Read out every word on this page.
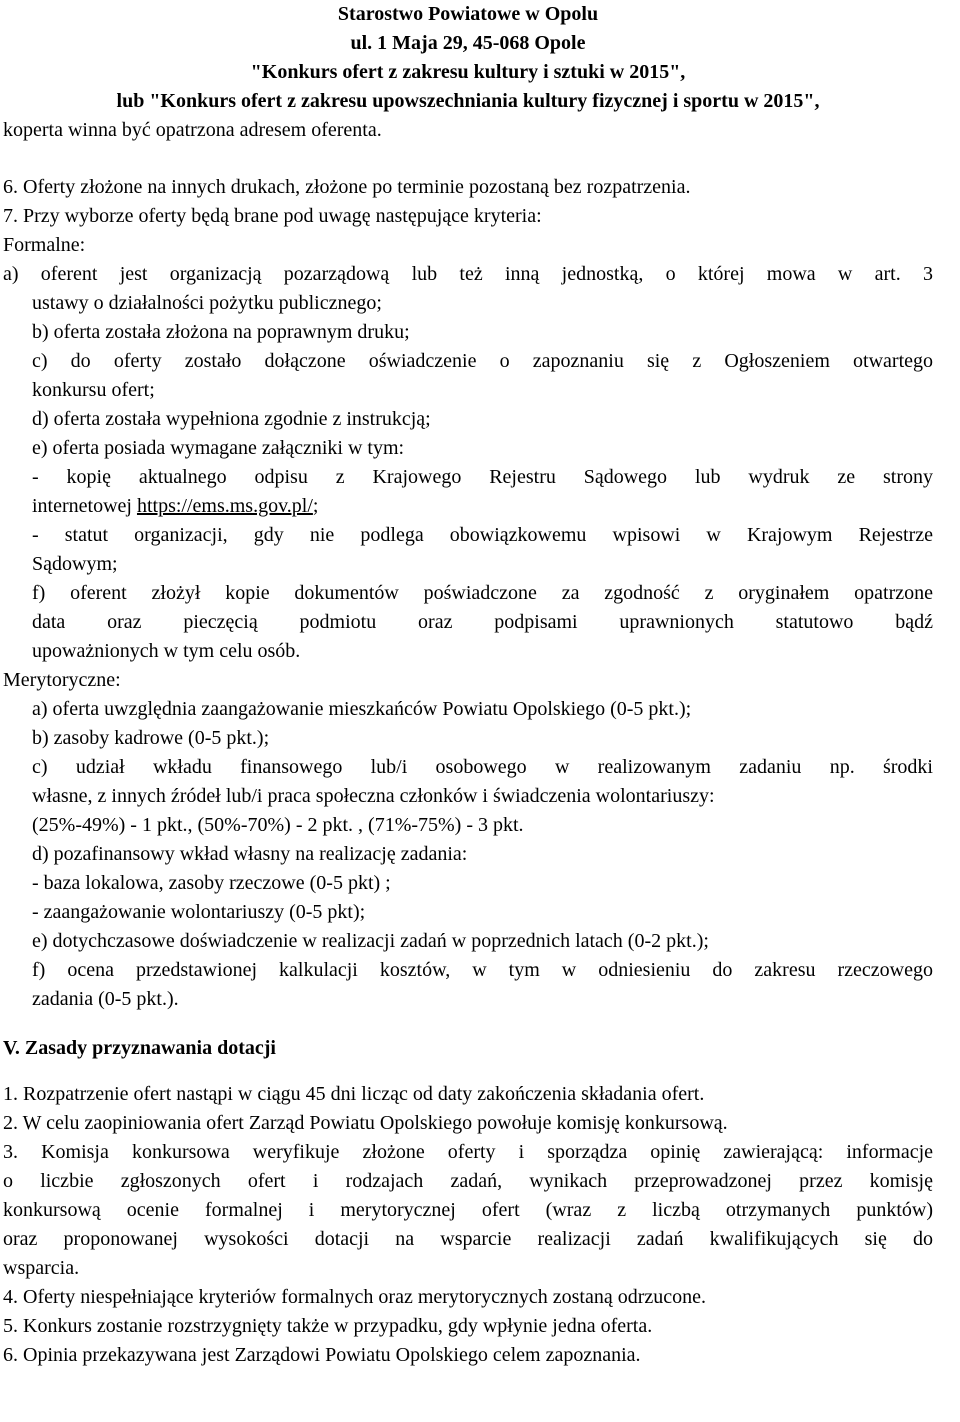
Starostwo Powiatowe w Opolu
ul. 1 Maja 29, 45-068 Opole
"Konkurs ofert z zakresu kultury i sztuki w 2015",
lub "Konkurs ofert z zakresu upowszechniania kultury fizycznej i sportu w 2015",
koperta winna być opatrzona adresem oferenta.
6. Oferty złożone na innych drukach, złożone po terminie pozostaną bez rozpatrzenia.
7. Przy wyborze oferty będą brane pod uwagę następujące kryteria:
Formalne:
a) oferent jest organizacją pozarządową lub też inną jednostką, o której mowa w art. 3
ustawy o działalności pożytku publicznego;
b) oferta została złożona na poprawnym druku;
c) do oferty zostało dołączone oświadczenie o zapoznaniu się z Ogłoszeniem otwartego
konkursu ofert;
d) oferta została wypełniona zgodnie z instrukcją;
e) oferta posiada wymagane załączniki w tym:
- kopię aktualnego odpisu z Krajowego Rejestru Sądowego lub wydruk ze strony
internetowej https://ems.ms.gov.pl/;
- statut organizacji, gdy nie podlega obowiązkowemu wpisowi w Krajowym Rejestrze
Sądowym;
f) oferent złożył kopie dokumentów poświadczone za zgodność z oryginałem opatrzone
data oraz pieczęcią podmiotu oraz podpisami uprawnionych statutowo bądź
upoważnionych w tym celu osób.
Merytoryczne:
a) oferta uwzględnia zaangażowanie mieszkańców Powiatu Opolskiego (0-5 pkt.);
b) zasoby kadrowe (0-5 pkt.);
c) udział wkładu finansowego lub/i osobowego w realizowanym zadaniu np. środki
własne, z innych źródeł lub/i praca społeczna członków i świadczenia wolontariuszy:
(25%-49%) - 1 pkt., (50%-70%) - 2 pkt. , (71%-75%) - 3 pkt.
d) pozafinansowy wkład własny na realizację zadania:
- baza lokalowa, zasoby rzeczowe (0-5 pkt) ;
- zaangażowanie wolontariuszy (0-5 pkt);
e) dotychczasowe doświadczenie w realizacji zadań w poprzednich latach (0-2 pkt.);
f) ocena przedstawionej kalkulacji kosztów, w tym w odniesieniu do zakresu rzeczowego
zadania (0-5 pkt.).
V. Zasady przyznawania dotacji
1. Rozpatrzenie ofert nastąpi w ciągu 45 dni licząc od daty zakończenia składania ofert.
2. W celu zaopiniowania ofert Zarząd Powiatu Opolskiego powołuje komisję konkursową.
3. Komisja konkursowa weryfikuje złożone oferty i sporządza opinię zawierającą: informacje
o liczbie zgłoszonych ofert i rodzajach zadań, wynikach przeprowadzonej przez komisję
konkursową ocenie formalnej i merytorycznej ofert (wraz z liczbą otrzymanych punktów)
oraz proponowanej wysokości dotacji na wsparcie realizacji zadań kwalifikujących się do
wsparcia.
4. Oferty niespełniające kryteriów formalnych oraz merytorycznych zostaną odrzucone.
5. Konkurs zostanie rozstrzygnięty także w przypadku, gdy wpłynie jedna oferta.
6. Opinia przekazywana jest Zarządowi Powiatu Opolskiego celem zapoznania.
